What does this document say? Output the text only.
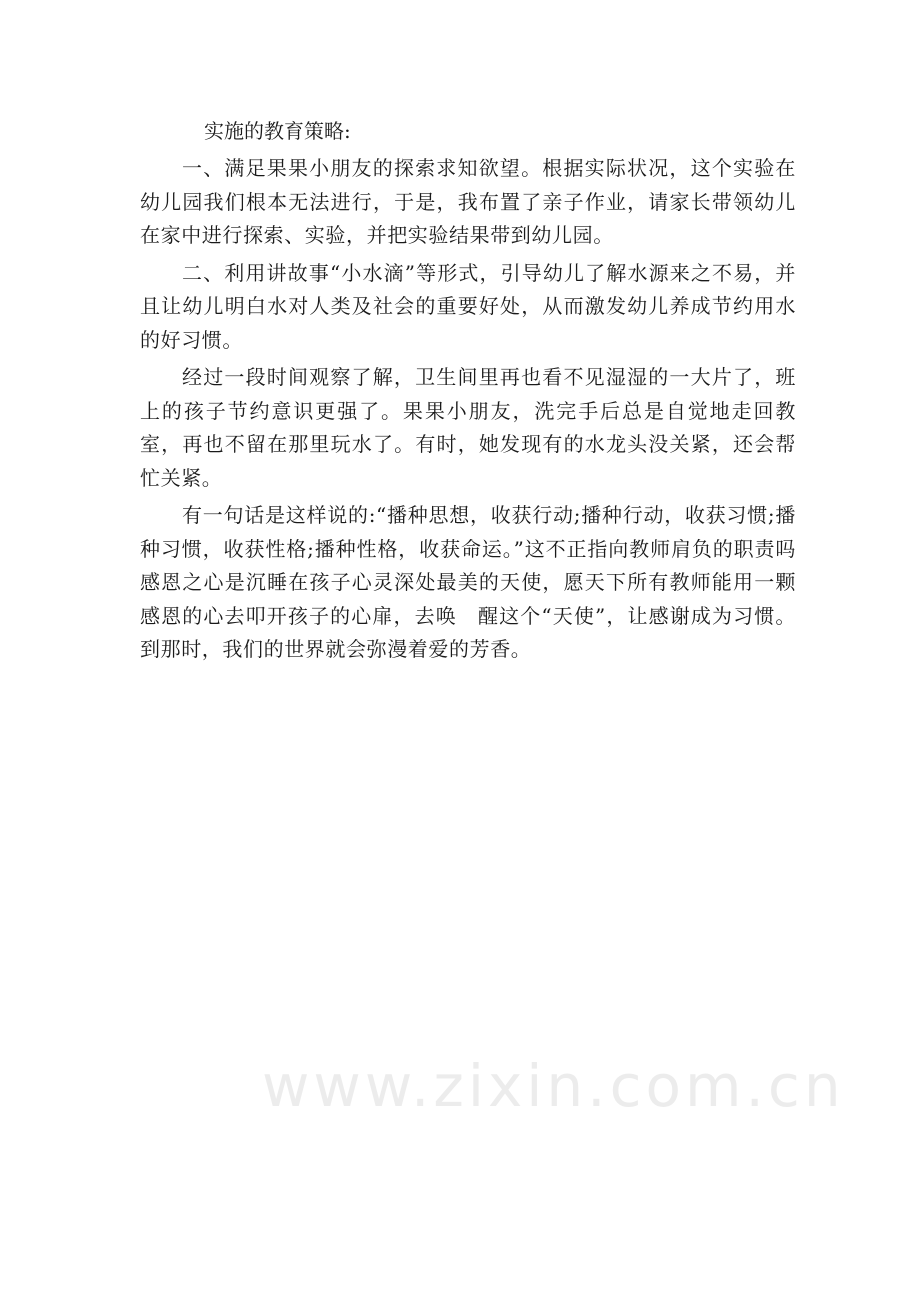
实施的教育策略:

一、满足果果小朋友的探索求知欲望。根据实际状况，这个实验在幼儿园我们根本无法进行，于是，我布置了亲子作业，请家长带领幼儿在家中进行探索、实验，并把实验结果带到幼儿园。

二、利用讲故事“小水滴”等形式，引导幼儿了解水源来之不易，并且让幼儿明白水对人类及社会的重要好处，从而激发幼儿养成节约用水的好习惯。

经过一段时间观察了解，卫生间里再也看不见湿湿的一大片了，班上的孩子节约意识更强了。果果小朋友，洗完手后总是自觉地走回教室，再也不留在那里玩水了。有时，她发现有的水龙头没关紧，还会帮忙关紧。

有一句话是这样说的:“播种思想，收获行动;播种行动，收获习惯;播种习惯，收获性格;播种性格，收获命运。”这不正指向教师肩负的职责吗感恩之心是沉睡在孩子心灵深处最美的天使，愿天下所有教师能用一颗感恩的心去叩开孩子的心扉，去唤　醒这个“天使”，让感谢成为习惯。到那时，我们的世界就会弥漫着爱的芳香。

www.zixin.com.cn
